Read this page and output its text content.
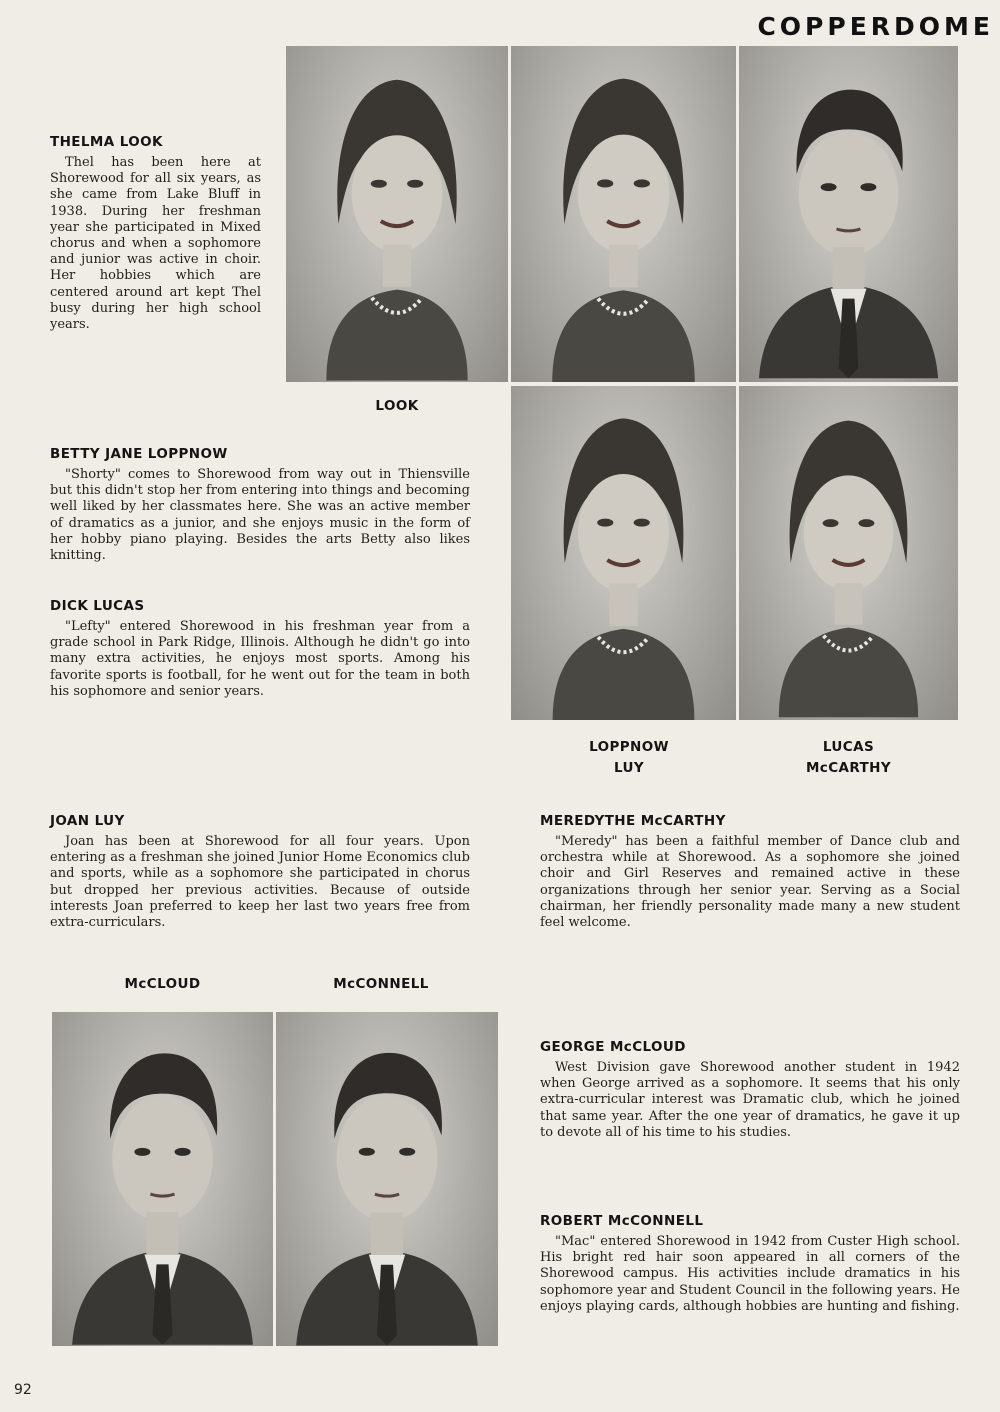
COPPERDOME
LOOK
LOPPNOW
LUY
LUCAS
McCARTHY
McCLOUD	McCONNELL
THELMA LOOK

Thel has been here at Shorewood for all six years, as she came from Lake Bluff in 1938. During her freshman year she participated in Mixed chorus and when a sophomore and junior was active in choir. Her hobbies which are centered around art kept Thel busy during her high school years.

BETTY JANE LOPPNOW

"Shorty" comes to Shorewood from way out in Thiensville but this didn't stop her from entering into things and becoming well liked by her classmates here. She was an active member of dramatics as a junior, and she enjoys music in the form of her hobby piano playing. Besides the arts Betty also likes knitting.

DICK LUCAS

"Lefty" entered Shorewood in his freshman year from a grade school in Park Ridge, Illinois. Although he didn't go into many extra activities, he enjoys most sports. Among his favorite sports is football, for he went out for the team in both his sophomore and senior years.

JOAN LUY

Joan has been at Shorewood for all four years. Upon entering as a freshman she joined Junior Home Economics club and sports, while as a sophomore she participated in chorus but dropped her previous activities. Because of outside interests Joan preferred to keep her last two years free from extra-curriculars.

MEREDYTHE McCARTHY

"Meredy" has been a faithful member of Dance club and orchestra while at Shorewood. As a sophomore she joined choir and Girl Reserves and remained active in these organizations through her senior year. Serving as a Social chairman, her friendly personality made many a new student feel welcome.

GEORGE McCLOUD

West Division gave Shorewood another student in 1942 when George arrived as a sophomore. It seems that his only extra-curricular interest was Dramatic club, which he joined that same year. After the one year of dramatics, he gave it up to devote all of his time to his studies.

ROBERT McCONNELL

"Mac" entered Shorewood in 1942 from Custer High school. His bright red hair soon appeared in all corners of the Shorewood campus. His activities include dramatics in his sophomore year and Student Council in the following years. He enjoys playing cards, although hobbies are hunting and fishing.

92
